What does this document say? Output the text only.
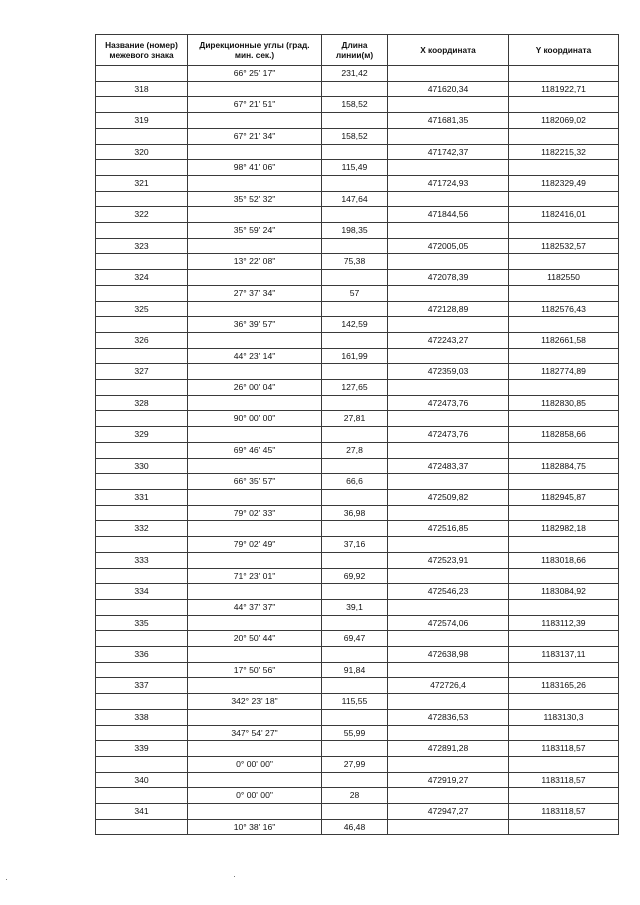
Название (номер) межевого знака	Дирекционные углы (град. мин. сек.)	Длина линии(м)	X координата	Y координата
	66° 25' 17"	231,42		
318			471620,34	1181922,71
	67° 21' 51"	158,52		
319			471681,35	1182069,02
	67° 21' 34"	158,52		
320			471742,37	1182215,32
	98° 41' 06"	115,49		
321			471724,93	1182329,49
	35° 52' 32"	147,64		
322			471844,56	1182416,01
	35° 59' 24"	198,35		
323			472005,05	1182532,57
	13° 22' 08"	75,38		
324			472078,39	1182550
	27° 37' 34"	57		
325			472128,89	1182576,43
	36° 39' 57"	142,59		
326			472243,27	1182661,58
	44° 23' 14"	161,99		
327			472359,03	1182774,89
	26° 00' 04"	127,65		
328			472473,76	1182830,85
	90° 00' 00"	27,81		
329			472473,76	1182858,66
	69° 46' 45"	27,8		
330			472483,37	1182884,75
	66° 35' 57"	66,6		
331			472509,82	1182945,87
	79° 02' 33"	36,98		
332			472516,85	1182982,18
	79° 02' 49"	37,16		
333			472523,91	1183018,66
	71° 23' 01"	69,92		
334			472546,23	1183084,92
	44° 37' 37"	39,1		
335			472574,06	1183112,39
	20° 50' 44"	69,47		
336			472638,98	1183137,11
	17° 50' 56"	91,84		
337			472726,4	1183165,26
	342° 23' 18"	115,55		
338			472836,53	1183130,3
	347° 54' 27"	55,99		
339			472891,28	1183118,57
	0° 00' 00"	27,99		
340			472919,27	1183118,57
	0° 00' 00"	28		
341			472947,27	1183118,57
	10° 38' 16"	46,48		
